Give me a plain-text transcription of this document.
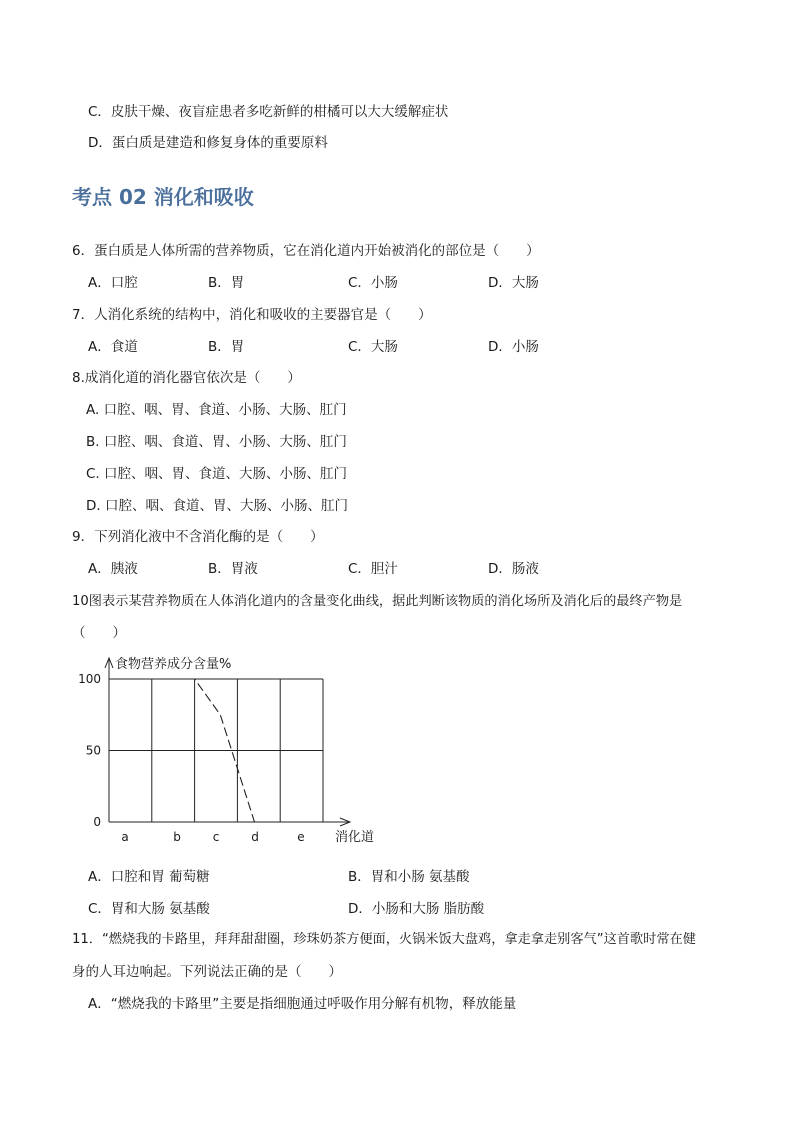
C．皮肤干燥、夜盲症患者多吃新鲜的柑橘可以大大缓解症状
D．蛋白质是建造和修复身体的重要原料
考点 02 消化和吸收
6．蛋白质是人体所需的营养物质，它在消化道内开始被消化的部位是（　　）
A．口腔	B．胃	C．小肠	D．大肠
7．人消化系统的结构中，消化和吸收的主要器官是（　　）
A．食道	B．胃	C．大肠	D．小肠
8.成消化道的消化器官依次是（　　）
A. 口腔、咽、胃、食道、小肠、大肠、肛门
B. 口腔、咽、食道、胃、小肠、大肠、肛门
C. 口腔、咽、胃、食道、大肠、小肠、肛门
D. 口腔、咽、食道、胃、大肠、小肠、肛门
9．下列消化液中不含消化酶的是（　　）
A．胰液	B．胃液	C．胆汁	D．肠液
10图表示某营养物质在人体消化道内的含量变化曲线，据此判断该物质的消化场所及消化后的最终产物是
（　　）
食物营养成分含量%
消化道
100
50
0
a	b	c	d	e
A．口腔和胃 葡萄糖	B．胃和小肠 氨基酸
C．胃和大肠 氨基酸	D．小肠和大肠 脂肪酸
11．“燃烧我的卡路里，拜拜甜甜圈，珍珠奶茶方便面，火锅米饭大盘鸡，拿走拿走别客气”这首歌时常在健
身的人耳边响起。下列说法正确的是（　　）
A．“燃烧我的卡路里”主要是指细胞通过呼吸作用分解有机物，释放能量
